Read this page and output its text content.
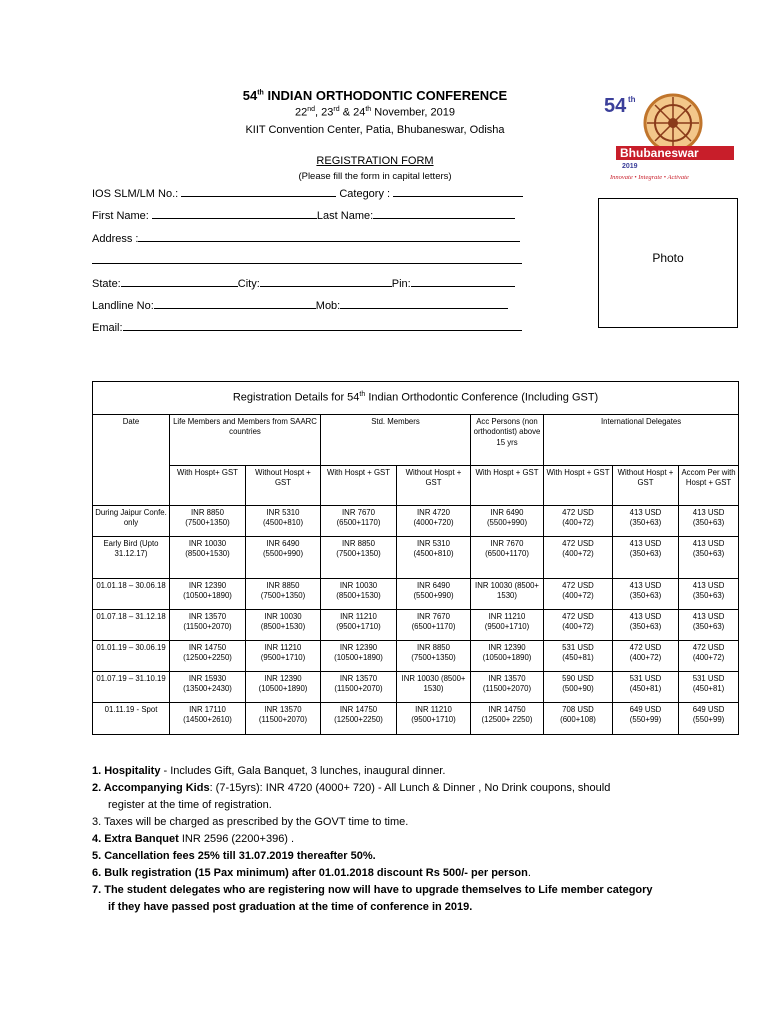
54th INDIAN ORTHODONTIC CONFERENCE
22nd, 23rd & 24th November, 2019
KIIT Convention Center, Patia, Bhubaneswar, Odisha
REGISTRATION FORM
(Please fill the form in capital letters)
54 th
Bhubaneswar
2019
Innovate • Integrate • Activate
IOS SLM/LM No.:	Category :
First Name:	Last Name:
Address :
State:	City:	Pin:
Landline No:	Mob:
Email:
Photo
Registration Details for 54th Indian Orthodontic Conference (Including GST)								
Date	Life Members and Members from SAARC countries		Std. Members		Acc Persons (non orthodontist) above 15 yrs	International Delegates		
	With Hospt+ GST	Without Hospt + GST	With Hospt + GST	Without Hospt + GST	With Hospt + GST	With Hospt + GST	Without Hospt + GST	Accom Per with Hospt + GST
During Jaipur Confe. only	INR 8850 (7500+1350)	INR 5310 (4500+810)	INR 7670 (6500+1170)	INR 4720 (4000+720)	INR 6490 (5500+990)	472 USD (400+72)	413 USD (350+63)	413 USD (350+63)
Early Bird (Upto 31.12.17)	INR 10030 (8500+1530)	INR 6490 (5500+990)	INR 8850 (7500+1350)	INR 5310 (4500+810)	INR 7670 (6500+1170)	472 USD (400+72)	413 USD (350+63)	413 USD (350+63)
01.01.18 – 30.06.18	INR 12390 (10500+1890)	INR 8850 (7500+1350)	INR 10030 (8500+1530)	INR 6490 (5500+990)	INR 10030 (8500+ 1530)	472 USD (400+72)	413 USD (350+63)	413 USD (350+63)
01.07.18 – 31.12.18	INR 13570 (11500+2070)	INR 10030 (8500+1530)	INR 11210 (9500+1710)	INR 7670 (6500+1170)	INR 11210 (9500+1710)	472 USD (400+72)	413 USD (350+63)	413 USD (350+63)
01.01.19 – 30.06.19	INR 14750 (12500+2250)	INR 11210 (9500+1710)	INR 12390 (10500+1890)	INR 8850 (7500+1350)	INR 12390 (10500+1890)	531 USD (450+81)	472 USD (400+72)	472 USD (400+72)
01.07.19 – 31.10.19	INR 15930 (13500+2430)	INR 12390 (10500+1890)	INR 13570 (11500+2070)	INR 10030 (8500+ 1530)	INR 13570 (11500+2070)	590 USD (500+90)	531 USD (450+81)	531 USD (450+81)
01.11.19 - Spot	INR 17110 (14500+2610)	INR 13570 (11500+2070)	INR 14750 (12500+2250)	INR 11210 (9500+1710)	INR 14750 (12500+ 2250)	708 USD (600+108)	649 USD (550+99)	649 USD (550+99)
1. Hospitality - Includes Gift, Gala Banquet, 3 lunches, inaugural dinner.
2. Accompanying Kids: (7-15yrs): INR 4720 (4000+ 720) - All Lunch & Dinner , No Drink coupons, should
register at the time of registration.
3. Taxes will be charged as prescribed by the GOVT time to time.
4. Extra Banquet INR 2596 (2200+396) .
5. Cancellation fees 25% till 31.07.2019 thereafter 50%.
6. Bulk registration (15 Pax minimum) after 01.01.2018 discount Rs 500/- per person.
7. The student delegates who are registering now will have to upgrade themselves to Life member category
if they have passed post graduation at the time of conference in 2019.
